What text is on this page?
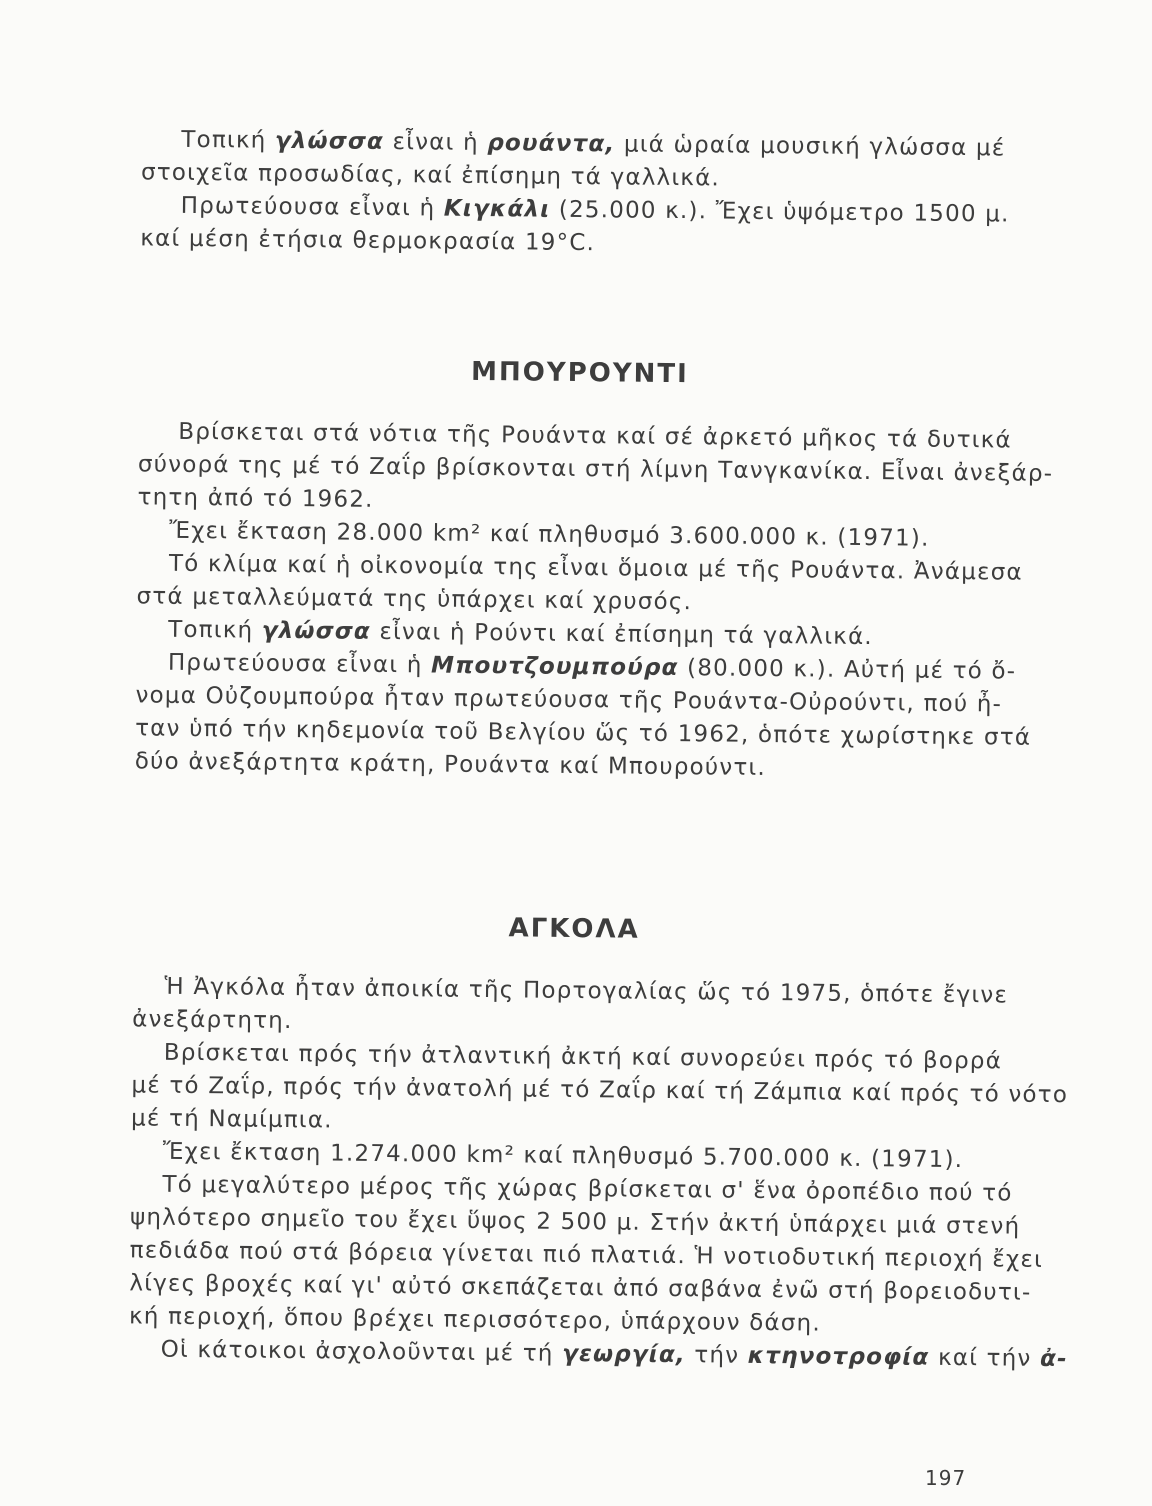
Τοπική γλώσσα εἶναι ἡ ρουάντα, μιά ὡραία μουσική γλώσσα μέ
στοιχεῖα προσωδίας, καί ἐπίσημη τά γαλλικά.
Πρωτεύουσα εἶναι ἡ Κιγκάλι (25.000 κ.). Ἔχει ὑψόμετρο 1500 μ.
καί μέση ἐτήσια θερμοκρασία 19°C.
ΜΠΟΥΡΟΥΝΤΙ
Βρίσκεται στά νότια τῆς Ρουάντα καί σέ ἀρκετό μῆκος τά δυτικά
σύνορά της μέ τό Ζαΐρ βρίσκονται στή λίμνη Τανγκανίκα. Εἶναι ἀνεξάρ-
τητη ἀπό τό 1962.
Ἔχει ἔκταση 28.000 km² καί πληθυσμό 3.600.000 κ. (1971).
Τό κλίμα καί ἡ οἰκονομία της εἶναι ὅμοια μέ τῆς Ρουάντα. Ἀνάμεσα
στά μεταλλεύματά της ὑπάρχει καί χρυσός.
Τοπική γλώσσα εἶναι ἡ Ρούντι καί ἐπίσημη τά γαλλικά.
Πρωτεύουσα εἶναι ἡ Μπουτζουμπούρα (80.000 κ.). Αὐτή μέ τό ὄ-
νομα Οὐζουμπούρα ἦταν πρωτεύουσα τῆς Ρουάντα-Οὐρούντι, πού ἦ-
ταν ὑπό τήν κηδεμονία τοῦ Βελγίου ὥς τό 1962, ὁπότε χωρίστηκε στά
δύο ἀνεξάρτητα κράτη, Ρουάντα καί Μπουρούντι.
ΑΓΚΟΛΑ
Ἡ Ἀγκόλα ἦταν ἀποικία τῆς Πορτογαλίας ὥς τό 1975, ὁπότε ἔγινε
ἀνεξάρτητη.
Βρίσκεται πρός τήν ἀτλαντική ἀκτή καί συνορεύει πρός τό βορρά
μέ τό Ζαΐρ, πρός τήν ἀνατολή μέ τό Ζαΐρ καί τή Ζάμπια καί πρός τό νότο
μέ τή Ναμίμπια.
Ἔχει ἔκταση 1.274.000 km² καί πληθυσμό 5.700.000 κ. (1971).
Τό μεγαλύτερο μέρος τῆς χώρας βρίσκεται σ' ἕνα ὀροπέδιο πού τό
ψηλότερο σημεῖο του ἔχει ὕψος 2 500 μ. Στήν ἀκτή ὑπάρχει μιά στενή
πεδιάδα πού στά βόρεια γίνεται πιό πλατιά. Ἡ νοτιοδυτική περιοχή ἔχει
λίγες βροχές καί γι' αὐτό σκεπάζεται ἀπό σαβάνα ἐνῶ στή βορειοδυτι-
κή περιοχή, ὅπου βρέχει περισσότερο, ὑπάρχουν δάση.
Οἱ κάτοικοι ἀσχολοῦνται μέ τή γεωργία, τήν κτηνοτροφία καί τήν ἀ-
197
